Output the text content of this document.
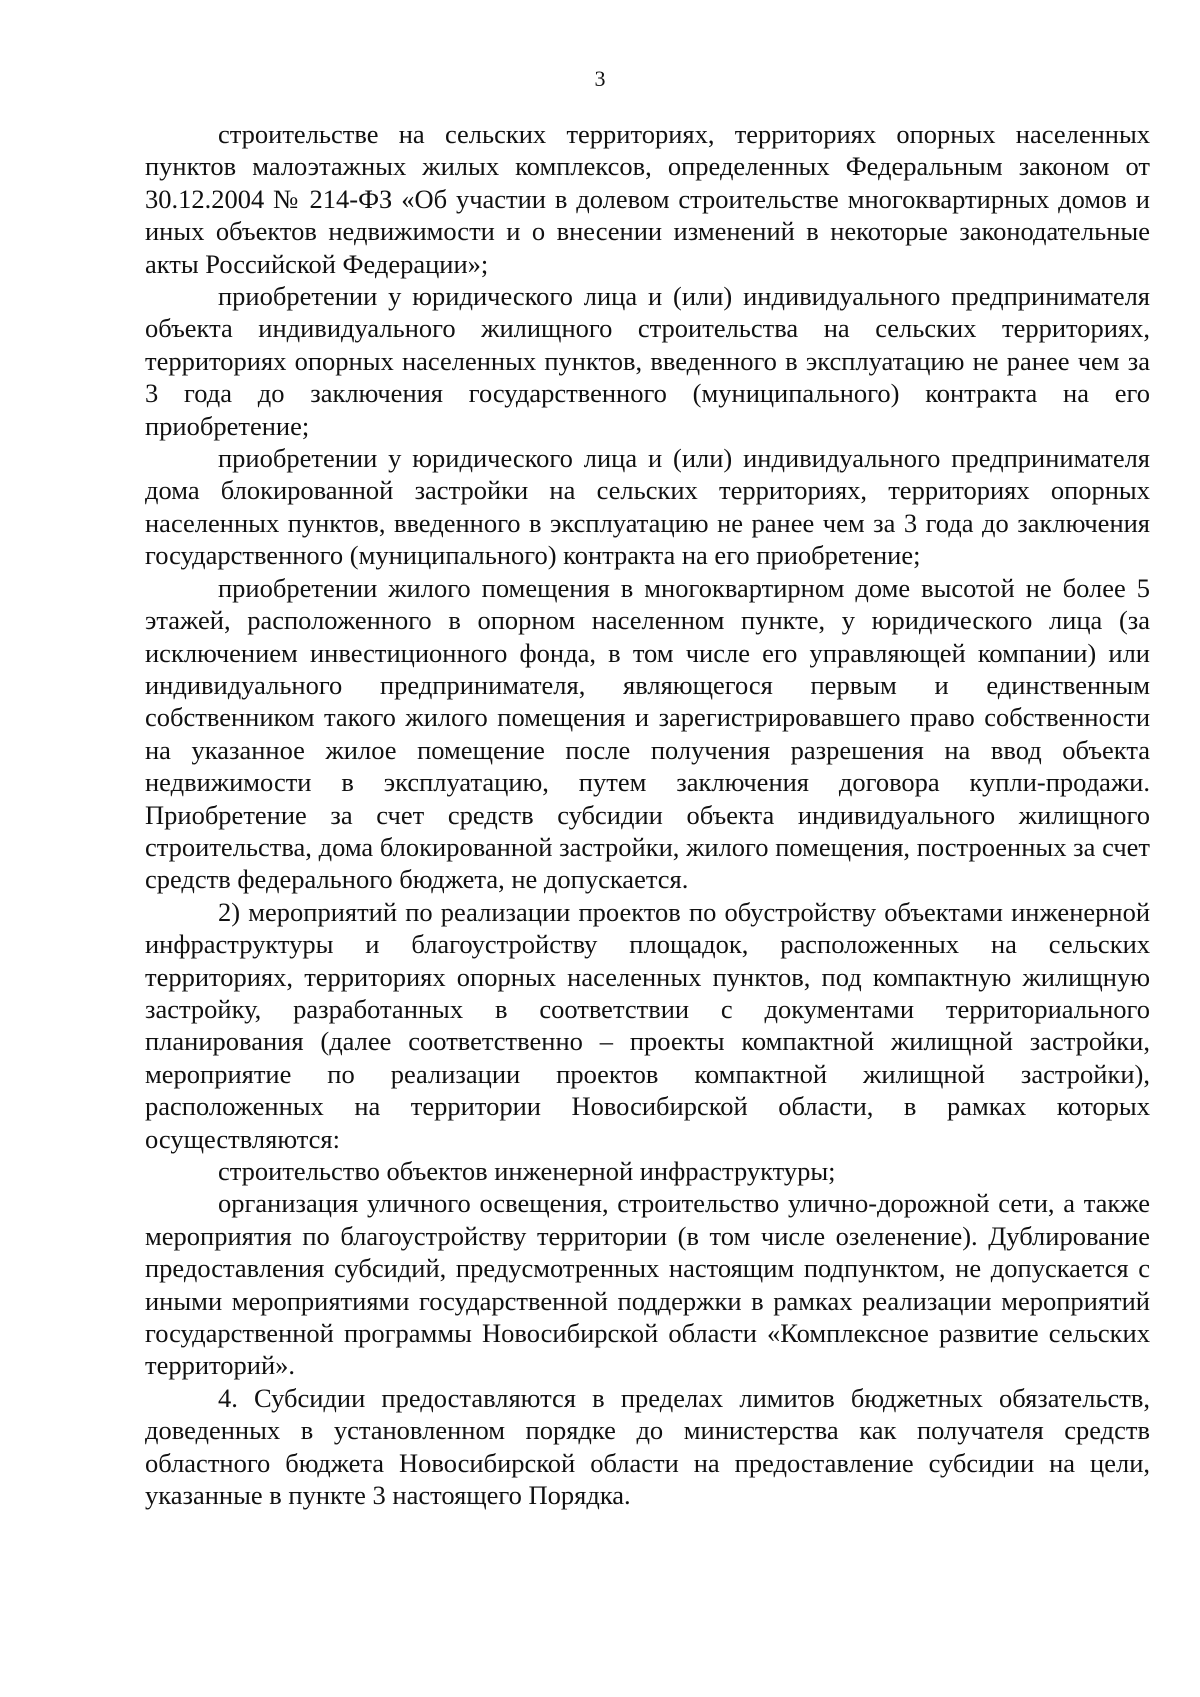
3

строительстве на сельских территориях, территориях опорных населенных пунктов малоэтажных жилых комплексов, определенных Федеральным законом от 30.12.2004 № 214-ФЗ «Об участии в долевом строительстве многоквартирных домов и иных объектов недвижимости и о внесении изменений в некоторые законодательные акты Российской Федерации»;

приобретении у юридического лица и (или) индивидуального предпринимателя объекта индивидуального жилищного строительства на сельских территориях, территориях опорных населенных пунктов, введенного в эксплуатацию не ранее чем за 3 года до заключения государственного (муниципального) контракта на его приобретение;

приобретении у юридического лица и (или) индивидуального предпринимателя дома блокированной застройки на сельских территориях, территориях опорных населенных пунктов, введенного в эксплуатацию не ранее чем за 3 года до заключения государственного (муниципального) контракта на его приобретение;

приобретении жилого помещения в многоквартирном доме высотой не более 5 этажей, расположенного в опорном населенном пункте, у юридического лица (за исключением инвестиционного фонда, в том числе его управляющей компании) или индивидуального предпринимателя, являющегося первым и единственным собственником такого жилого помещения и зарегистрировавшего право собственности на указанное жилое помещение после получения разрешения на ввод объекта недвижимости в эксплуатацию, путем заключения договора купли-продажи. Приобретение за счет средств субсидии объекта индивидуального жилищного строительства, дома блокированной застройки, жилого помещения, построенных за счет средств федерального бюджета, не допускается.

2) мероприятий по реализации проектов по обустройству объектами инженерной инфраструктуры и благоустройству площадок, расположенных на сельских территориях, территориях опорных населенных пунктов, под компактную жилищную застройку, разработанных в соответствии с документами территориального планирования (далее соответственно – проекты компактной жилищной застройки, мероприятие по реализации проектов компактной жилищной застройки), расположенных на территории Новосибирской области, в рамках которых осуществляются:

строительство объектов инженерной инфраструктуры;

организация уличного освещения, строительство улично-дорожной сети, а также мероприятия по благоустройству территории (в том числе озеленение). Дублирование предоставления субсидий, предусмотренных настоящим подпунктом, не допускается с иными мероприятиями государственной поддержки в рамках реализации мероприятий государственной программы Новосибирской области «Комплексное развитие сельских территорий».

4. Субсидии предоставляются в пределах лимитов бюджетных обязательств, доведенных в установленном порядке до министерства как получателя средств областного бюджета Новосибирской области на предоставление субсидии на цели, указанные в пункте 3 настоящего Порядка.
